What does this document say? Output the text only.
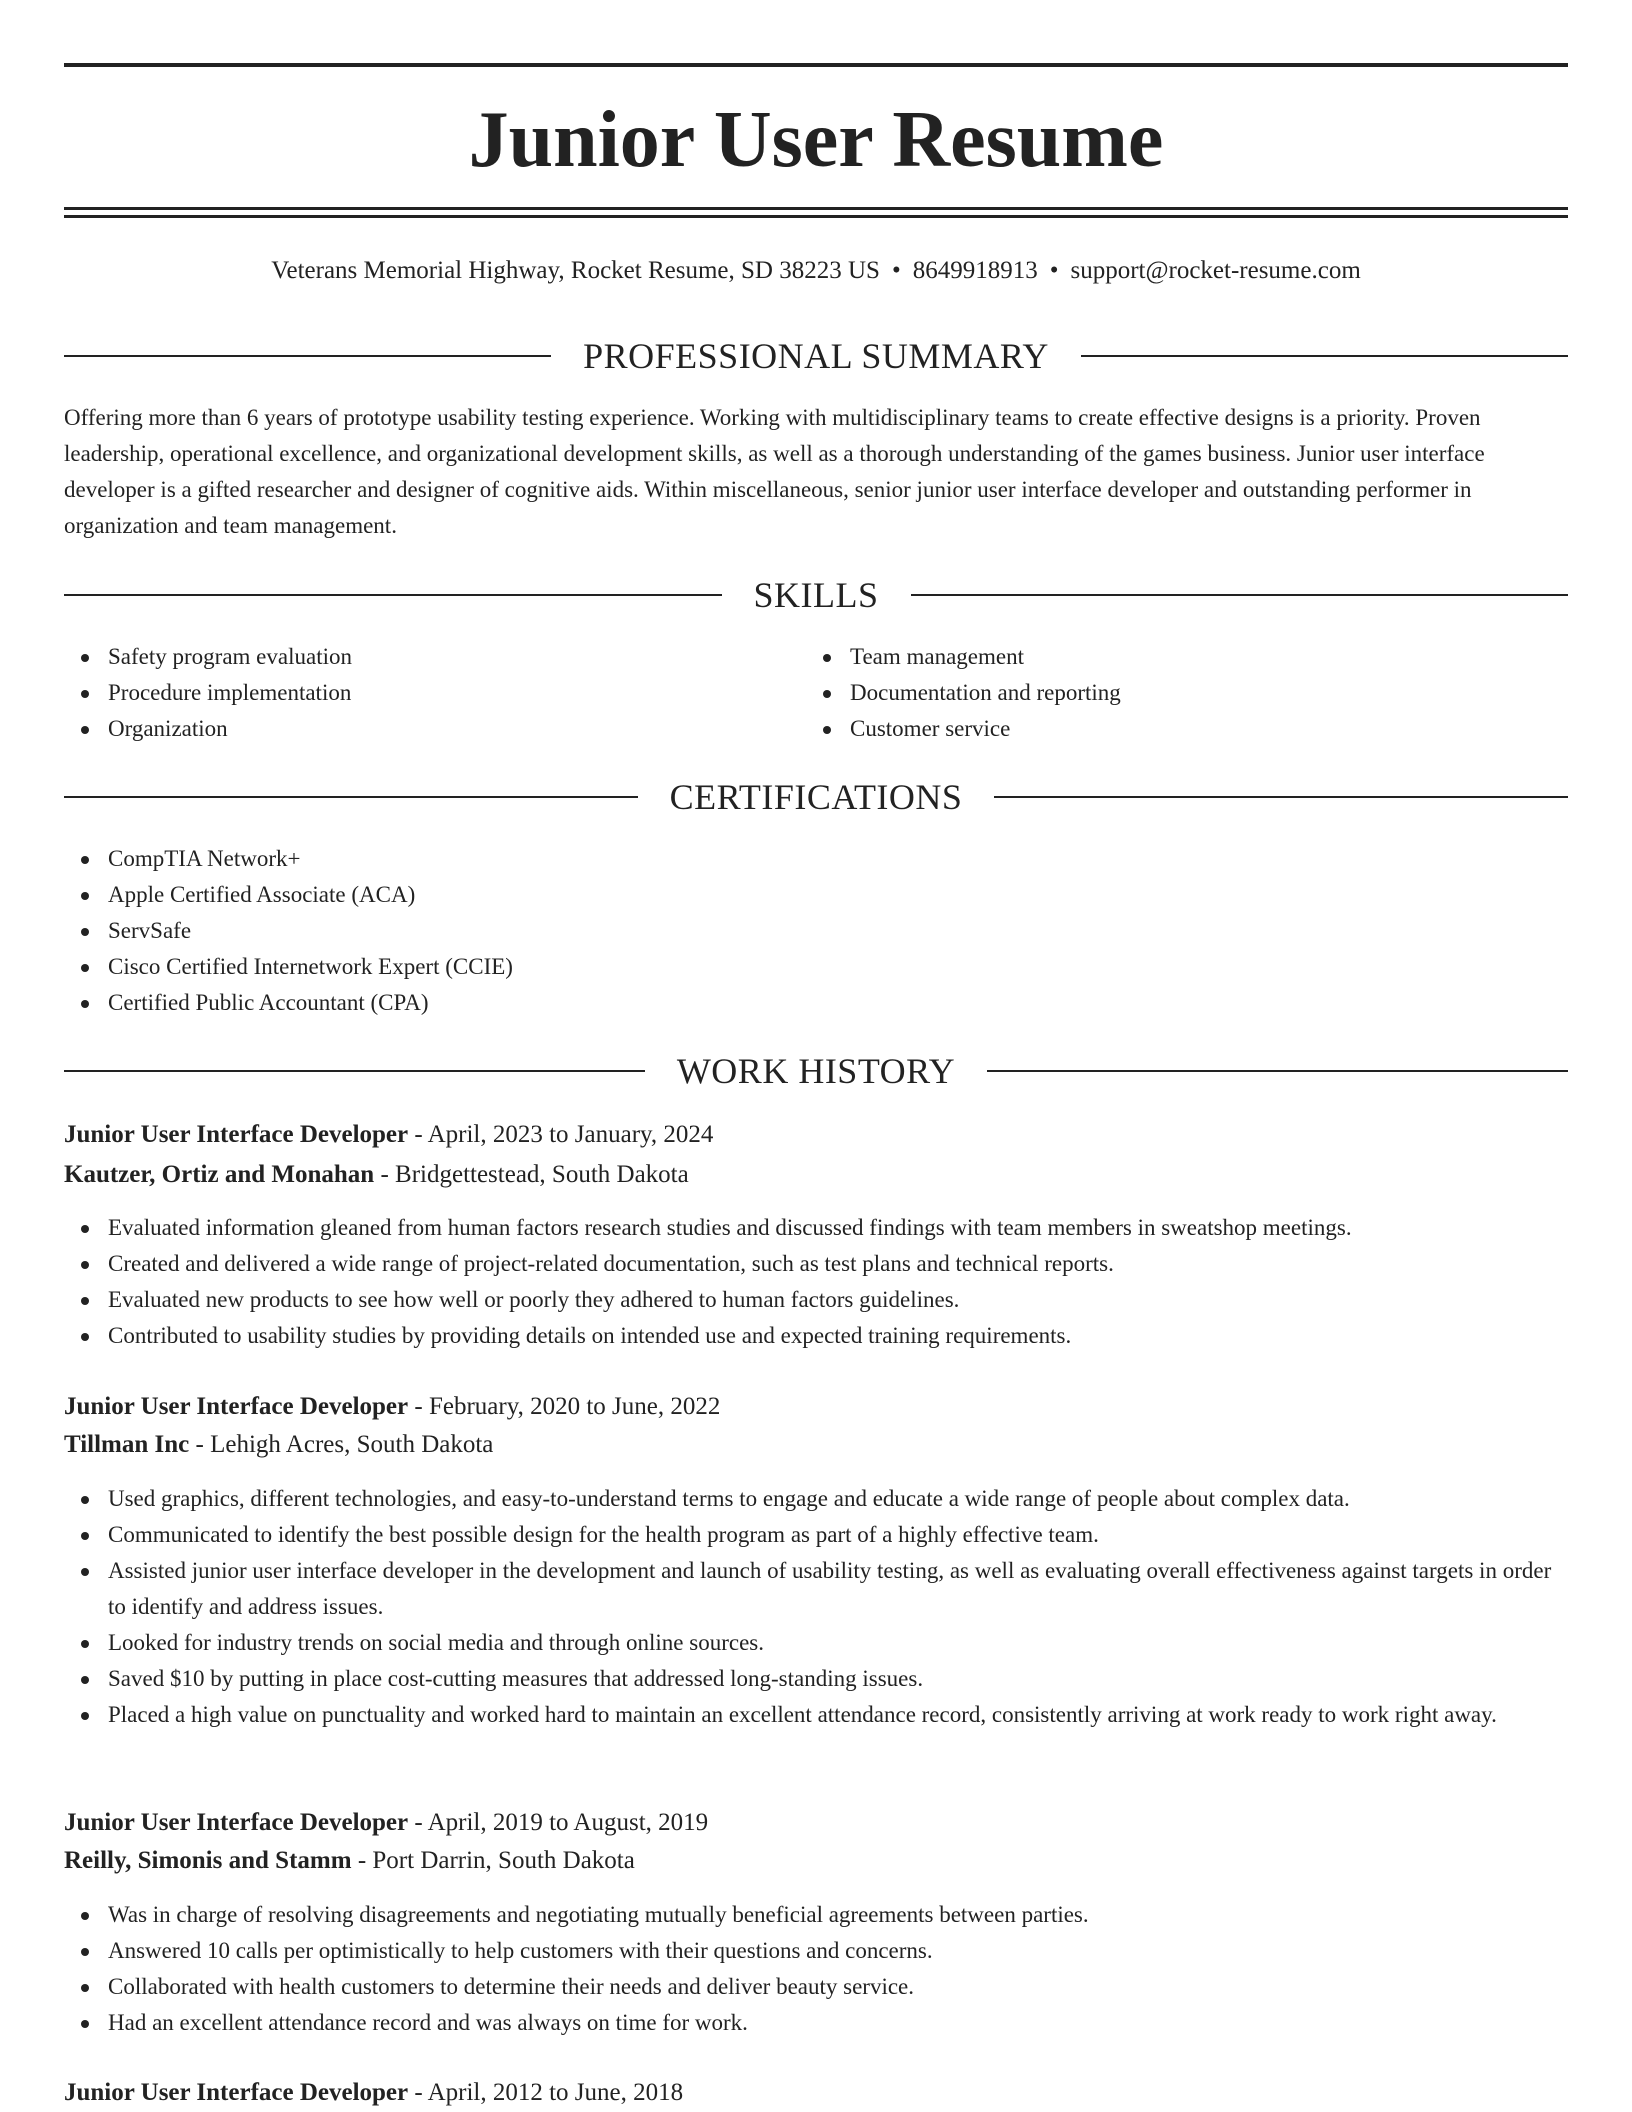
Junior User Resume
Veterans Memorial Highway, Rocket Resume, SD 38223 US • 8649918913 • support@rocket-resume.com
PROFESSIONAL SUMMARY

Offering more than 6 years of prototype usability testing experience. Working with multidisciplinary teams to create effective designs is a priority. Proven leadership, operational excellence, and organizational development skills, as well as a thorough understanding of the games business. Junior user interface developer is a gifted researcher and designer of cognitive aids. Within miscellaneous, senior junior user interface developer and outstanding performer in organization and team management.

SKILLS
Safety program evaluation
Procedure implementation
Organization
Team management
Documentation and reporting
Customer service
CERTIFICATIONS
CompTIA Network+
Apple Certified Associate (ACA)
ServSafe
Cisco Certified Internetwork Expert (CCIE)
Certified Public Accountant (CPA)
WORK HISTORY
Junior User Interface Developer - April, 2023 to January, 2024
Kautzer, Ortiz and Monahan - Bridgettestead, South Dakota
Evaluated information gleaned from human factors research studies and discussed findings with team members in sweatshop meetings.
Created and delivered a wide range of project-related documentation, such as test plans and technical reports.
Evaluated new products to see how well or poorly they adhered to human factors guidelines.
Contributed to usability studies by providing details on intended use and expected training requirements.
Junior User Interface Developer - February, 2020 to June, 2022
Tillman Inc - Lehigh Acres, South Dakota
Used graphics, different technologies, and easy-to-understand terms to engage and educate a wide range of people about complex data.
Communicated to identify the best possible design for the health program as part of a highly effective team.
Assisted junior user interface developer in the development and launch of usability testing, as well as evaluating overall effectiveness against targets in order to identify and address issues.
Looked for industry trends on social media and through online sources.
Saved $10 by putting in place cost-cutting measures that addressed long-standing issues.
Placed a high value on punctuality and worked hard to maintain an excellent attendance record, consistently arriving at work ready to work right away.
Junior User Interface Developer - April, 2019 to August, 2019
Reilly, Simonis and Stamm - Port Darrin, South Dakota
Was in charge of resolving disagreements and negotiating mutually beneficial agreements between parties.
Answered 10 calls per optimistically to help customers with their questions and concerns.
Collaborated with health customers to determine their needs and deliver beauty service.
Had an excellent attendance record and was always on time for work.
Junior User Interface Developer - April, 2012 to June, 2018
